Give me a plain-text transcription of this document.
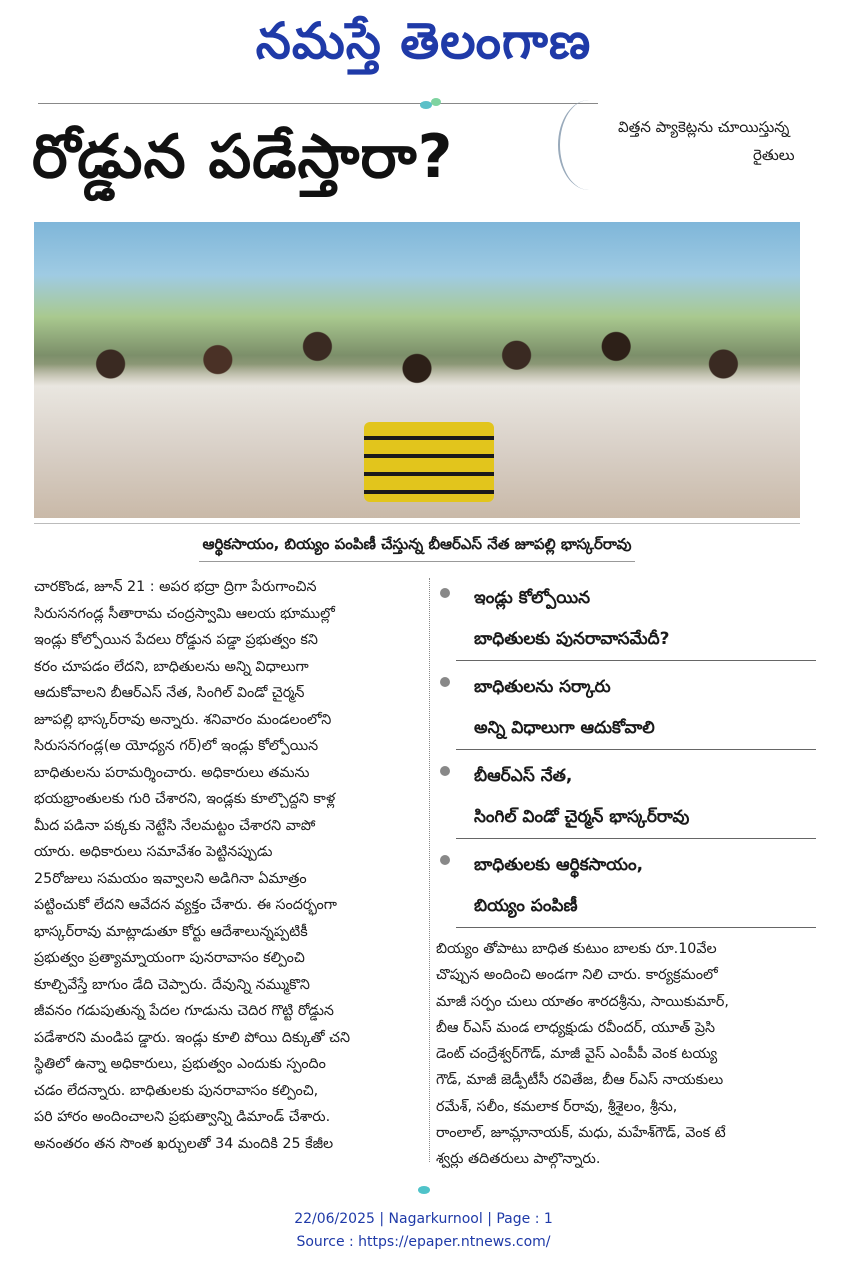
నమస్తే తెలంగాణ
రోడ్డున పడేస్తారా?	విత్తన ప్యాకెట్లను చూయిస్తున్న
రైతులు
ఆర్థికసాయం, బియ్యం పంపిణీ చేస్తున్న బీఆర్‌ఎస్ నేత జూపల్లి భాస్కర్‌రావు

చారకొండ, జూన్ 21 : అపర భద్రా ద్రిగా పేరుగాంచిన

సిరుసనగండ్ల సీతారామ చంద్రస్వామి ఆలయ భూముల్లో

ఇండ్లు కోల్పోయిన పేదలు రోడ్డున పడ్డా ప్రభుత్వం కని

కరం చూపడం లేదని, బాధితులను అన్ని విధాలుగా

ఆదుకోవాలని బీఆర్‌ఎస్ నేత, సింగిల్ విండో చైర్మన్

జూపల్లి భాస్కర్‌రావు అన్నారు. శనివారం మండలంలోని

సిరుసనగండ్ల(అ యోధ్యన గర్)లో ఇండ్లు కోల్పోయిన

బాధితులను పరామర్శించారు. అధికారులు తమను

భయభ్రాంతులకు గురి చేశారని, ఇండ్లకు కూల్చొద్దని కాళ్ల

మీద పడినా పక్కకు నెట్టేసి నేలమట్టం చేశారని వాపో

యారు. అధికారులు సమావేశం పెట్టినప్పుడు

25రోజులు సమయం ఇవ్వాలని అడిగినా ఏమాత్రం

పట్టించుకో లేదని ఆవేదన వ్యక్తం చేశారు. ఈ సందర్భంగా

భాస్కర్‌రావు మాట్లాడుతూ కోర్టు ఆదేశాలున్నప్పటికీ

ప్రభుత్వం ప్రత్యామ్నాయంగా పునరావాసం కల్పించి

కూల్చివేస్తే బాగుం డేది చెప్పారు. దేవున్ని నమ్ముకొని

జీవనం గడుపుతున్న పేదల గూడును చెదిర గొట్టి రోడ్డున

పడేశారని మండిప డ్డారు. ఇండ్లు కూలి పోయి దిక్కుతో చని

స్థితిలో ఉన్నా అధికారులు, ప్రభుత్వం ఎందుకు స్పందిం

చడం లేదన్నారు. బాధితులకు పునరావాసం కల్పించి,

పరి హారం అందించాలని ప్రభుత్వాన్ని డిమాండ్ చేశారు.

అనంతరం తన సొంత ఖర్చులతో 34 మందికి 25 కేజీల

ఇండ్లు కోల్పోయిన
బాధితులకు పునరావాసమేదీ?
బాధితులను సర్కారు
అన్ని విధాలుగా ఆదుకోవాలి
బీఆర్‌ఎస్ నేత,
సింగిల్ విండో చైర్మన్ భాస్కర్‌రావు
బాధితులకు ఆర్థికసాయం,
బియ్యం పంపిణీ

బియ్యం తోపాటు బాధిత కుటుం బాలకు రూ.10వేల

చొప్పున అందించి అండగా నిలి చారు. కార్యక్రమంలో

మాజీ సర్పం చులు యాతం శారదశ్రీను, సాయికుమార్,

బీఆ ర్‌ఎస్ మండ లాధ్యక్షుడు రవీందర్, యూత్ ప్రెసి

డెంట్ చంద్రేశ్వర్‌గౌడ్, మాజీ వైస్ ఎంపీపీ వెంక టయ్య

గౌడ్, మాజీ జెడ్పీటీసీ రవితేజ, బీఆ ర్‌ఎస్ నాయకులు

రమేశ్, సలీం, కమలాక ర్‌రావు, శ్రీశైలం, శ్రీను,

రాంలాల్, జూమ్లానాయక్, మధు, మహేశ్‌గౌడ్, వెంక టే

శ్వర్లు తదితరులు పాల్గొన్నారు.

22/06/2025 | Nagarkurnool | Page : 1
Source : https://epaper.ntnews.com/
